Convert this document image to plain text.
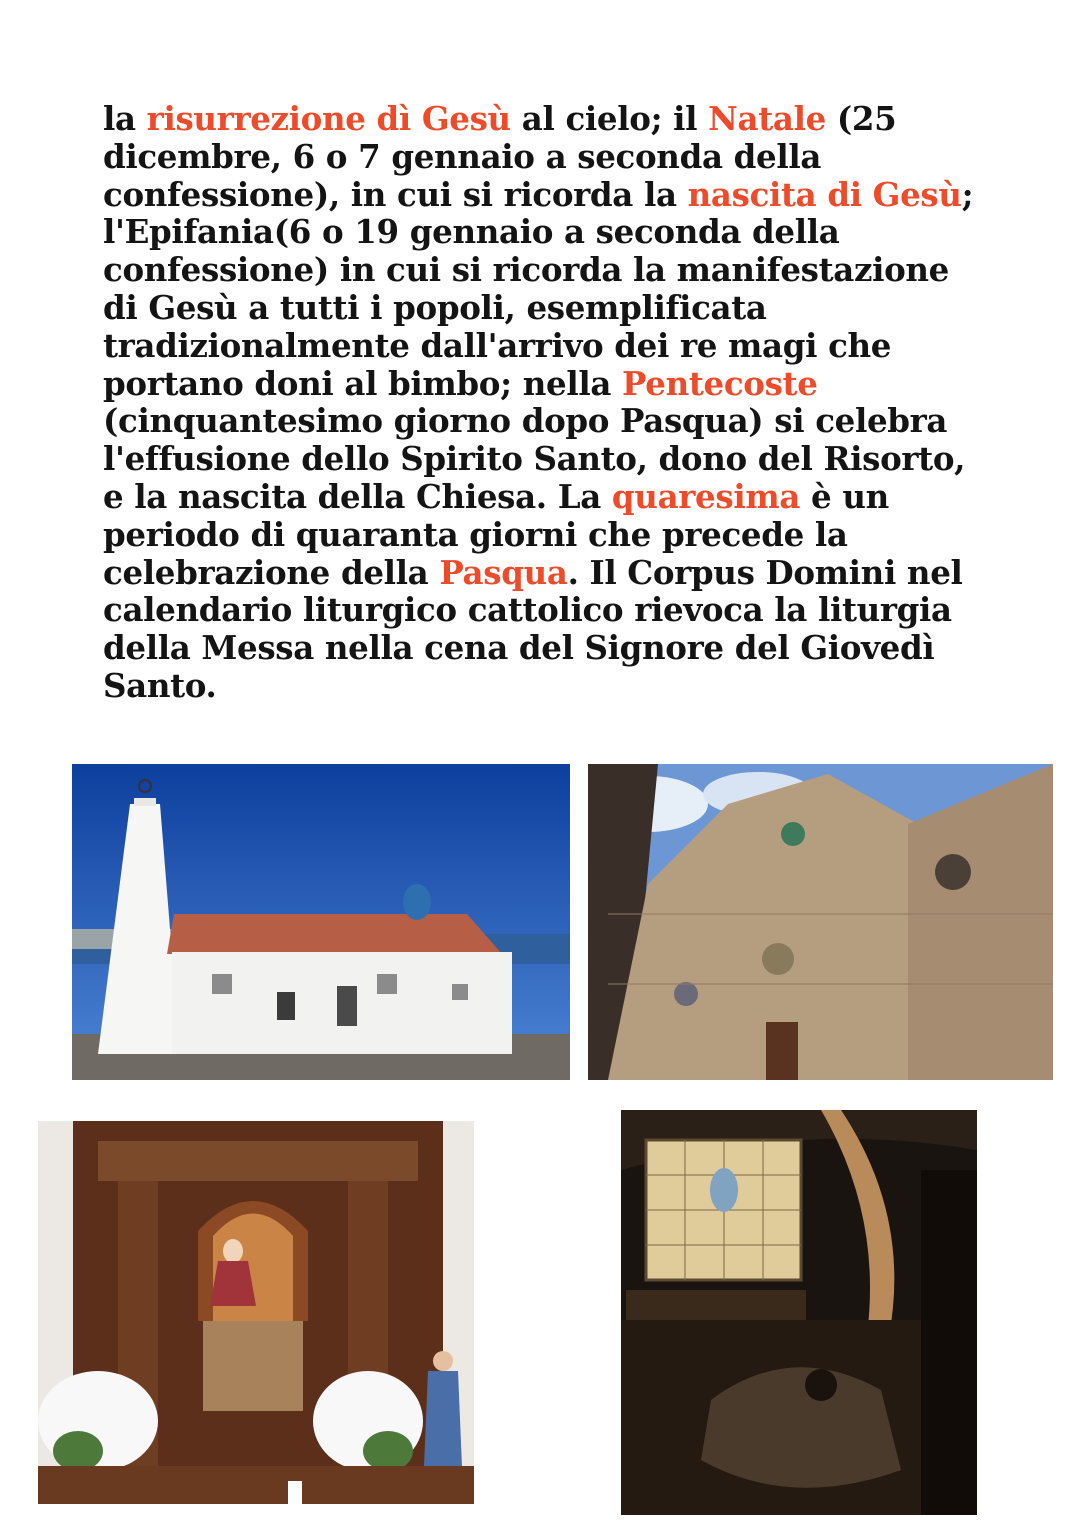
la risurrezione dì Gesù al cielo; il Natale (25 dicembre, 6 o 7 gennaio a seconda della confessione), in cui si ricorda la nascita di Gesù; l'Epifania(6 o 19 gennaio a seconda della confessione) in cui si ricorda la manifestazione di Gesù a tutti i popoli, esemplificata tradizionalmente dall'arrivo dei re magi che portano doni al bimbo; nella Pentecoste (cinquantesimo giorno dopo Pasqua) si celebra l'effusione dello Spirito Santo, dono del Risorto, e la nascita della Chiesa. La quaresima è un periodo di quaranta giorni che precede la celebrazione della Pasqua. Il Corpus Domini nel calendario liturgico cattolico rievoca la liturgia della Messa nella cena del Signore del Giovedì Santo.
